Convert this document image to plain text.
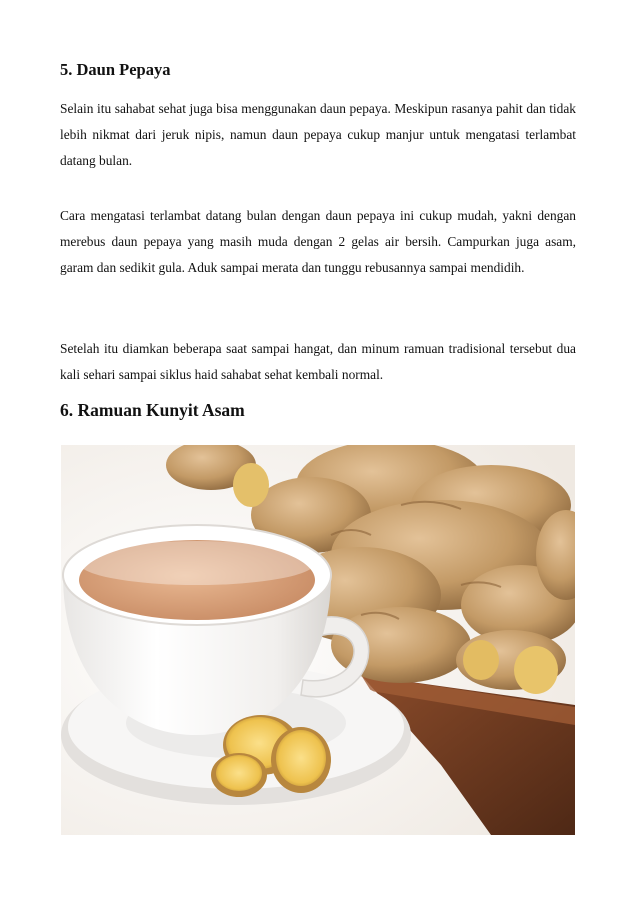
5. Daun Pepaya

Selain itu sahabat sehat juga bisa menggunakan daun pepaya. Meskipun rasanya pahit dan tidak lebih nikmat dari jeruk nipis, namun daun pepaya cukup manjur untuk mengatasi terlambat datang bulan.

Cara mengatasi terlambat datang bulan dengan daun pepaya ini cukup mudah, yakni dengan merebus daun pepaya yang masih muda dengan 2 gelas air bersih. Campurkan juga asam, garam dan sedikit gula. Aduk sampai merata dan tunggu rebusannya sampai mendidih.

Setelah itu diamkan beberapa saat sampai hangat, dan minum ramuan tradisional tersebut dua kali sehari sampai siklus haid sahabat sehat kembali normal.

6. Ramuan Kunyit Asam
